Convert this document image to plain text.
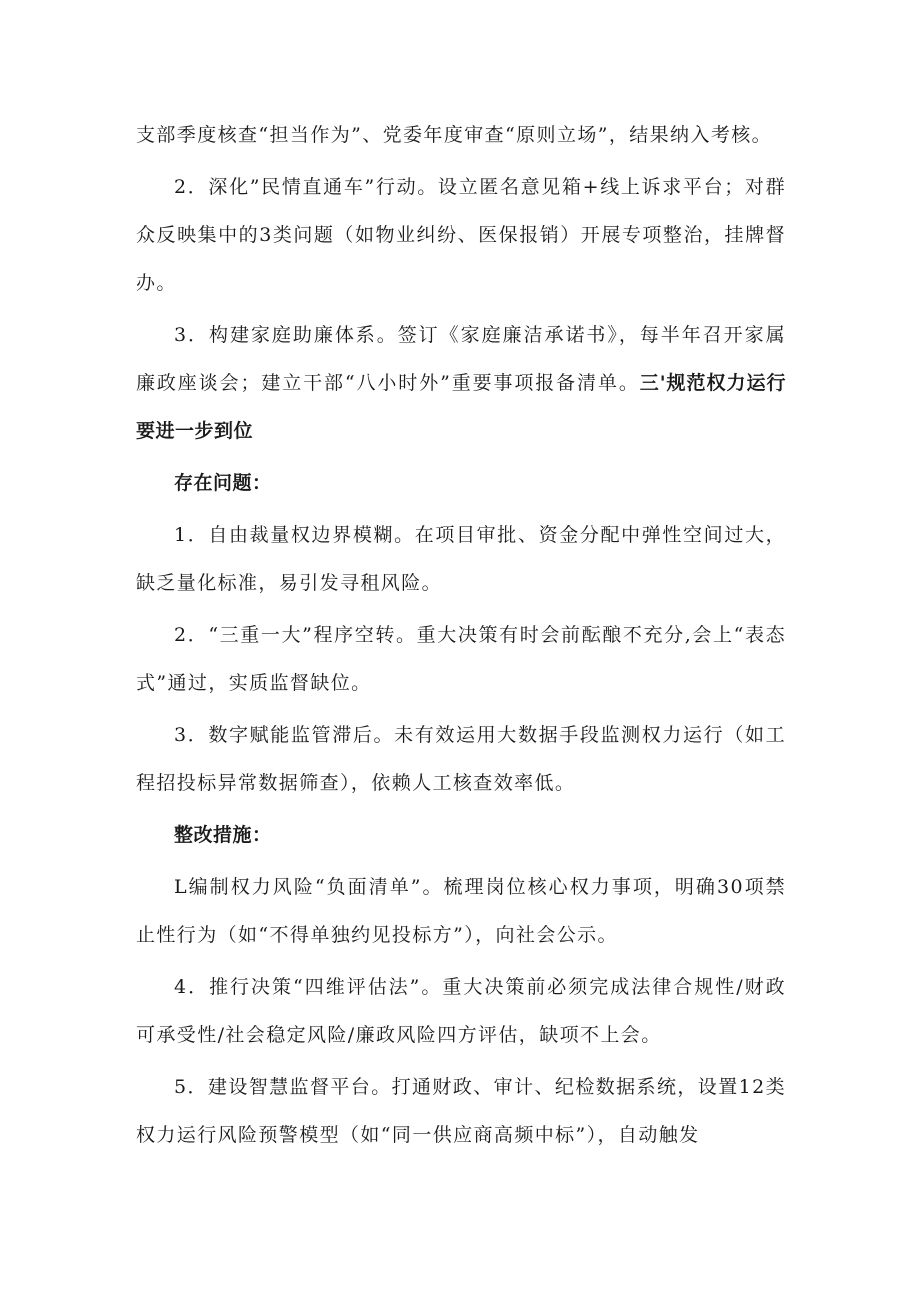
支部季度核查“担当作为”、党委年度审查“原则立场”，结果纳入考核。

2．深化”民情直通车”行动。设立匿名意见箱+线上诉求平台；对群众反映集中的3类问题（如物业纠纷、医保报销）开展专项整治，挂牌督办。

3．构建家庭助廉体系。签订《家庭廉洁承诺书》，每半年召开家属廉政座谈会；建立干部“八小时外”重要事项报备清单。三'规范权力运行要进一步到位

存在问题：

1．自由裁量权边界模糊。在项目审批、资金分配中弹性空间过大，缺乏量化标准，易引发寻租风险。

2．“三重一大”程序空转。重大决策有时会前酝酿不充分,会上“表态式”通过，实质监督缺位。

3．数字赋能监管滞后。未有效运用大数据手段监测权力运行（如工程招投标异常数据筛查），依赖人工核查效率低。

整改措施：

L编制权力风险“负面清单”。梳理岗位核心权力事项，明确30项禁止性行为（如“不得单独约见投标方”），向社会公示。

4．推行决策“四维评估法”。重大决策前必须完成法律合规性/财政可承受性/社会稳定风险/廉政风险四方评估，缺项不上会。

5．建设智慧监督平台。打通财政、审计、纪检数据系统，设置12类权力运行风险预警模型（如“同一供应商高频中标”），自动触发
